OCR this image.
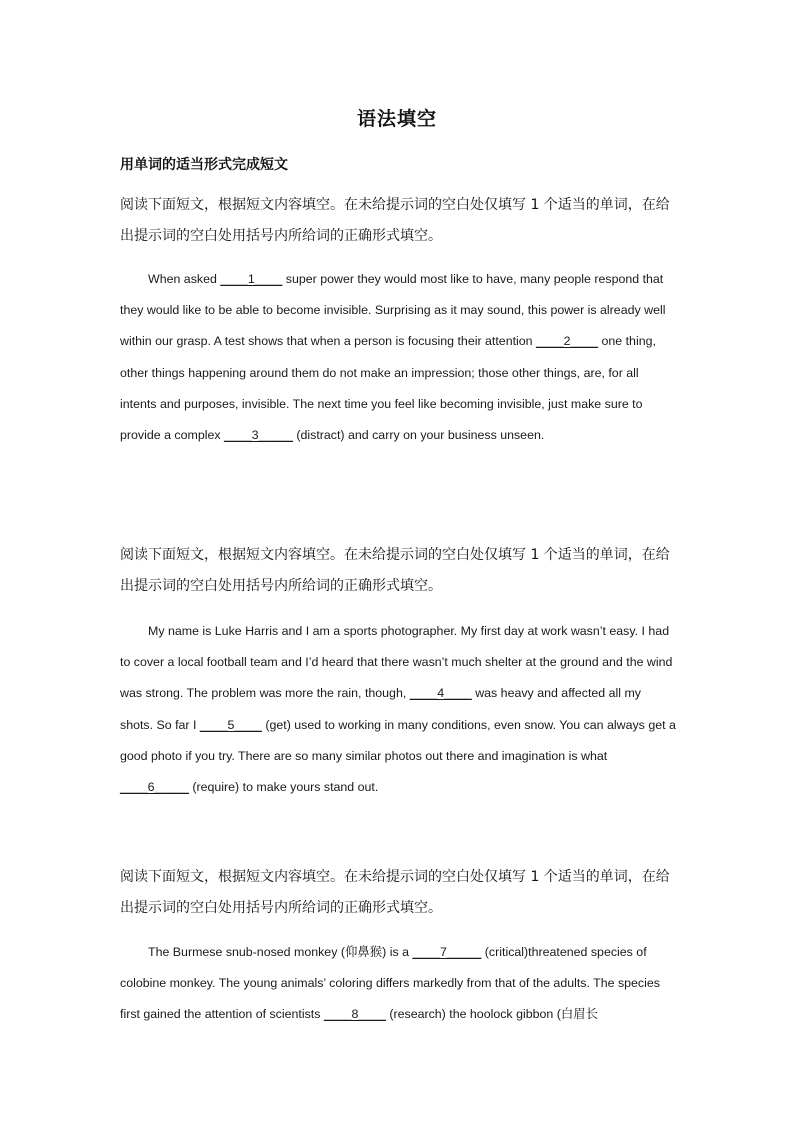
语法填空
用单词的适当形式完成短文
阅读下面短文，根据短文内容填空。在未给提示词的空白处仅填写 1 个适当的单词，在给出提示词的空白处用括号内所给词的正确形式填空。

When asked ____1____ super power they would most like to have, many people respond that they would like to be able to become invisible. Surprising as it may sound, this power is already well within our grasp. A test shows that when a person is focusing their attention ____2____ one thing, other things happening around them do not make an impression; those other things, are, for all intents and purposes, invisible. The next time you feel like becoming invisible, just make sure to provide a complex ____3_____ (distract) and carry on your business unseen.

阅读下面短文，根据短文内容填空。在未给提示词的空白处仅填写 1 个适当的单词，在给出提示词的空白处用括号内所给词的正确形式填空。

My name is Luke Harris and I am a sports photographer. My first day at work wasn’t easy. I had to cover a local football team and I’d heard that there wasn’t much shelter at the ground and the wind was strong. The problem was more the rain, though, ____4____ was heavy and affected all my shots. So far I ____5____ (get) used to working in many conditions, even snow. You can always get a good photo if you try. There are so many similar photos out there and imagination is what ____6_____ (require) to make yours stand out.

阅读下面短文，根据短文内容填空。在未给提示词的空白处仅填写 1 个适当的单词，在给出提示词的空白处用括号内所给词的正确形式填空。

The Burmese snub-nosed monkey (仰鼻猴) is a ____7_____ (critical)threatened species of colobine monkey. The young animals’ coloring differs markedly from that of the adults. The species first gained the attention of scientists ____8____ (research) the hoolock gibbon (白眉长
